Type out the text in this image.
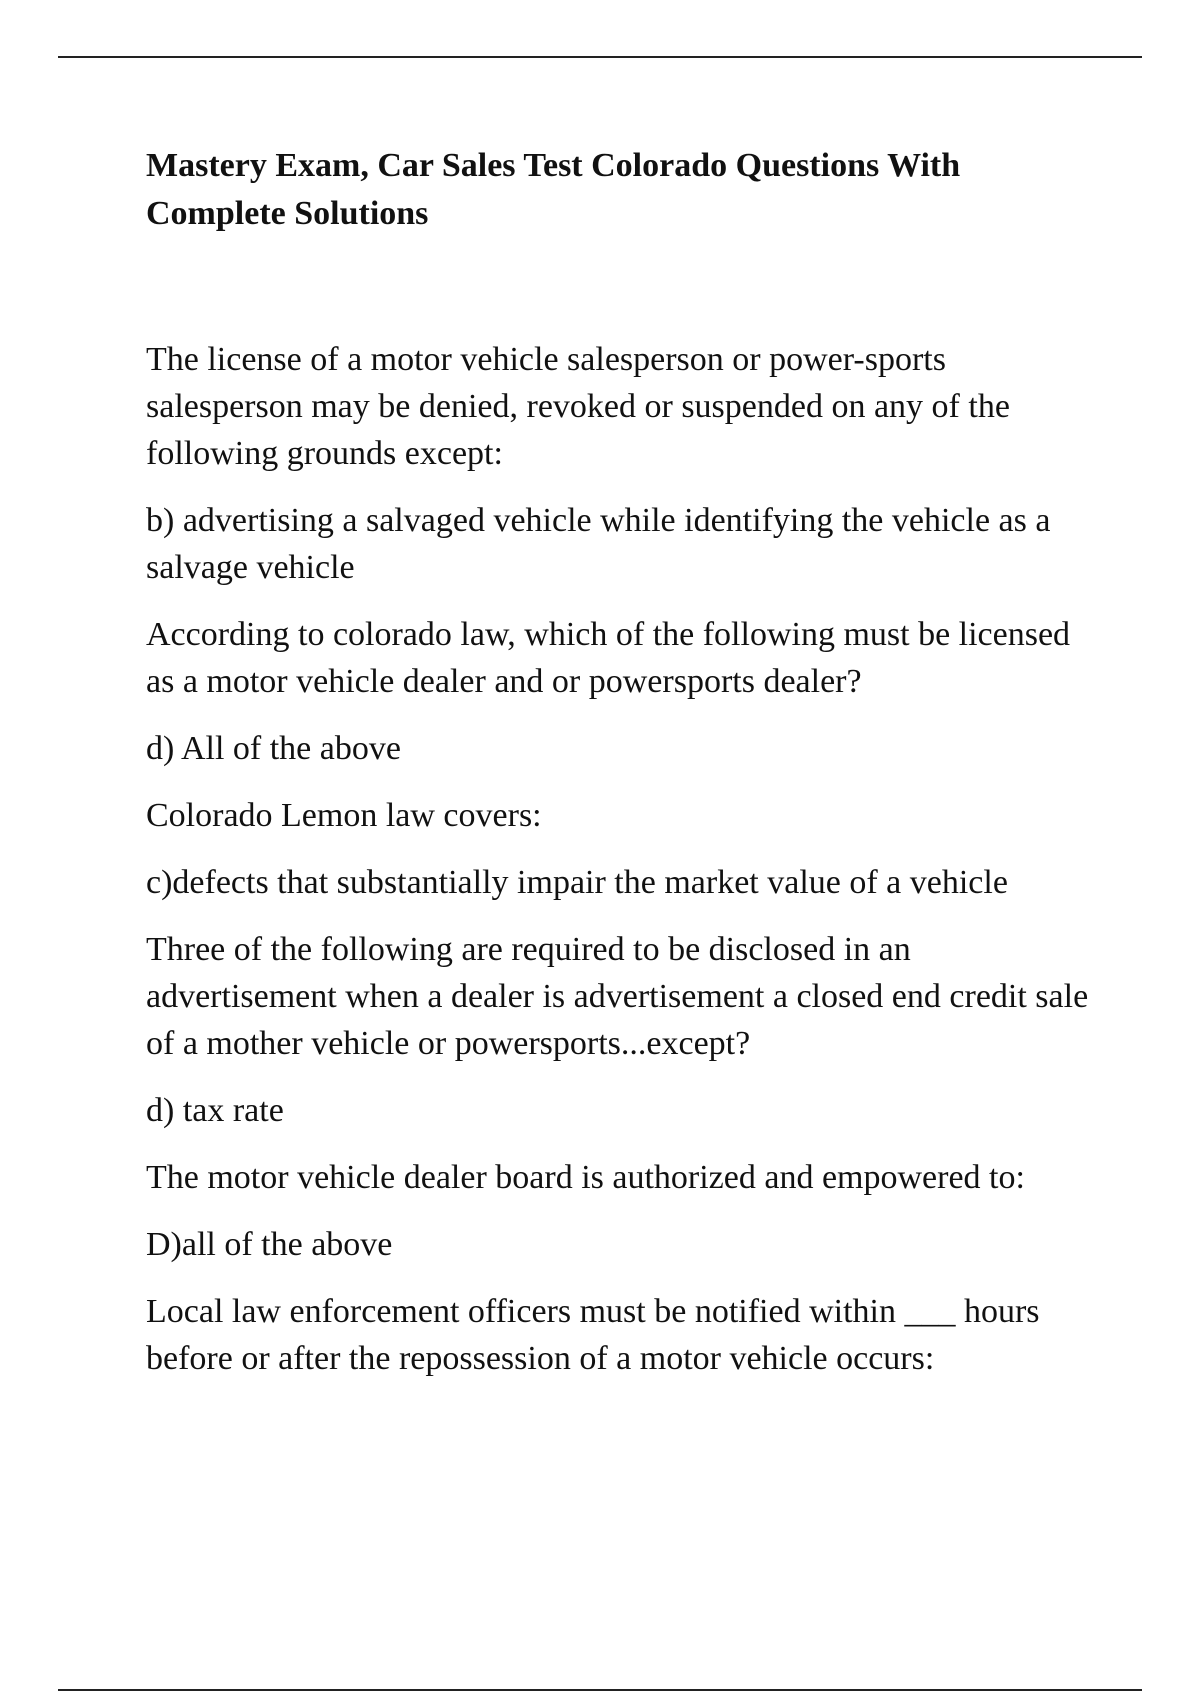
Mastery Exam, Car Sales Test Colorado Questions With Complete Solutions

The license of a motor vehicle salesperson or power-sports salesperson may be denied, revoked or suspended on any of the following grounds except:

b) advertising a salvaged vehicle while identifying the vehicle as a salvage vehicle

According to colorado law, which of the following must be licensed as a motor vehicle dealer and or powersports dealer?

d) All of the above

Colorado Lemon law covers:

c)defects that substantially impair the market value of a vehicle

Three of the following are required to be disclosed in an advertisement when a dealer is advertisement a closed end credit sale of a mother vehicle or powersports...except?

d) tax rate

The motor vehicle dealer board is authorized and empowered to:

D)all of the above

Local law enforcement officers must be notified within ___ hours before or after the repossession of a motor vehicle occurs:
